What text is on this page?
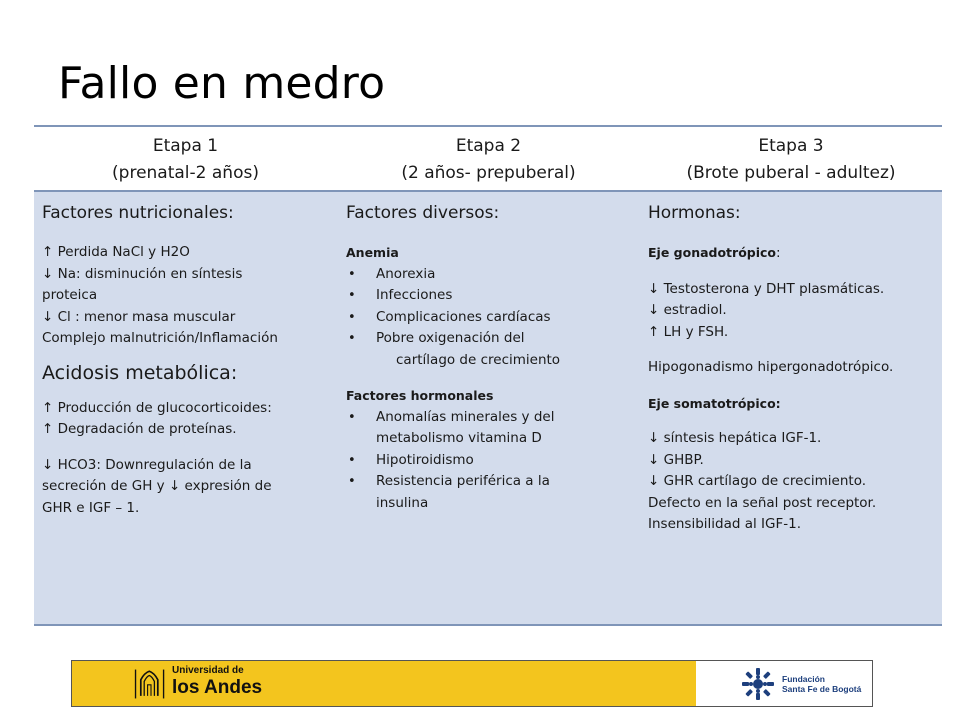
Fallo en medro
Etapa 1
(prenatal-2 años)
Etapa 2
(2 años- prepuberal)
Etapa 3
(Brote puberal - adultez)
Factores nutricionales:
↑ Perdida NaCl y H2O
↓ Na: disminución en síntesis
proteica
↓ Cl : menor masa muscular
Complejo malnutrición/Inflamación
Acidosis metabólica:
↑ Producción de glucocorticoides:
↑ Degradación de proteínas.
↓ HCO3: Downregulación de la
secreción de GH y ↓ expresión de
GHR e IGF – 1.
Factores diversos:
Anemia
• Anorexia
• Infecciones
• Complicaciones cardíacas
• Pobre oxigenación del
cartílago de crecimiento
Factores hormonales
• Anomalías minerales y del
metabolismo vitamina D
• Hipotiroidismo
• Resistencia periférica a la
insulina
Hormonas:
Eje gonadotrópico:
↓ Testosterona y DHT plasmáticas.
↓ estradiol.
↑ LH y FSH.
Hipogonadismo hipergonadotrópico.
Eje somatotrópico:
↓ síntesis hepática IGF-1.
↓ GHBP.
↓ GHR cartílago de crecimiento.
Defecto en la señal post receptor.
Insensibilidad al IGF-1.
Universidad de
los Andes	Fundación
Santa Fe de Bogotá
